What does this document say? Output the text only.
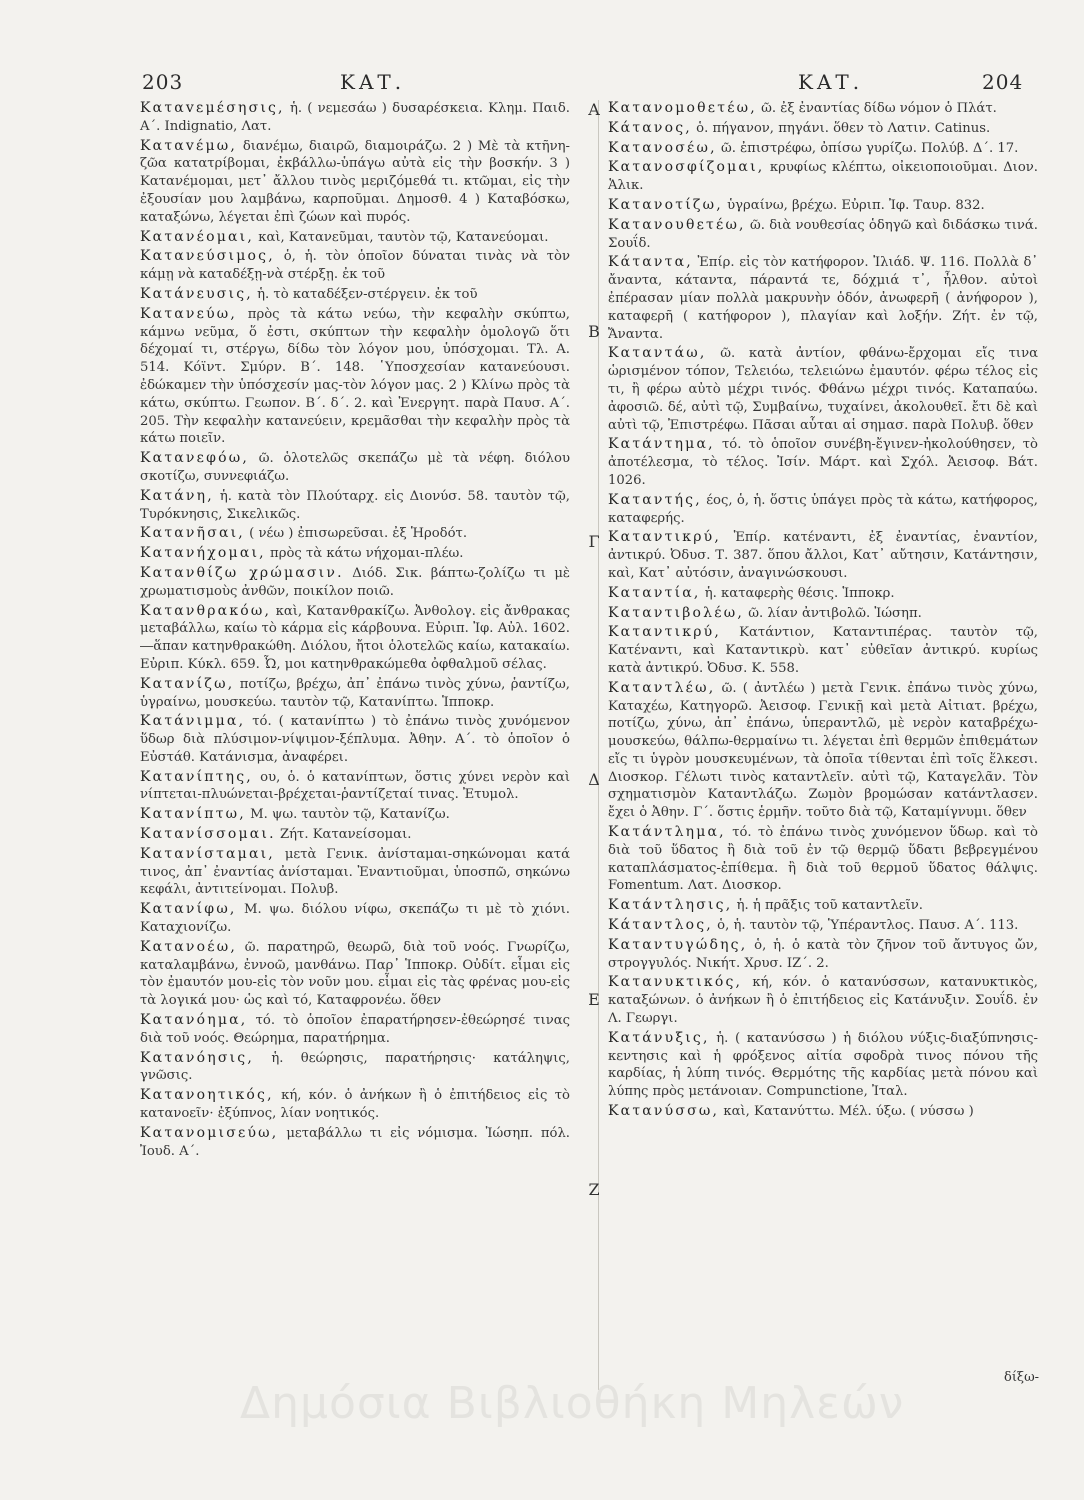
203	ΚΑΤ.	ΚΑΤ.	204

Καταvεμέσησις, ἡ. ( νεμεσάω ) δυσαρέσκεια. Κλημ. Παιδ. Α΄. Indignatio, Λατ.

Καταvέμω, διανέμω, διαιρῶ, διαμοιράζω. 2 ) Μὲ τὰ κτῆνη-ζῶα κατατρίβομαι, ἐκβάλλω-ὑπάγω αὐτὰ εἰς τὴν βοσκήν. 3 ) Κατανέμομαι, μετ᾽ ἄλλου τινὸς μεριζόμεθά τι. κτῶμαι, εἰς τὴν ἐξουσίαν μου λαμβάνω, καρποῦμαι. Δημοσθ. 4 ) Καταβόσκω, καταξώνω, λέγεται ἐπὶ ζώων καὶ πυρός.

Κατανέομαι, καὶ, Κατανεῦμαι, ταυτὸν τῷ, Κατανεύομαι.

Κατανεύσιμος, ὁ, ἡ. τὸν ὁποῖον δύναται τινὰς νὰ τὸν κάμῃ νὰ καταδέξῃ-νὰ στέρξῃ. ἐκ τοῦ

Κατάνευσις, ἡ. τὸ καταδέξεν-στέργειν. ἐκ τοῦ

Κατανεύω, πρὸς τὰ κάτω νεύω, τὴν κεφαλὴν σκύπτω, κάμνω νεῦμα, ὅ ἐστι, σκύπτων τὴν κεφαλὴν ὁμολογῶ ὅτι δέχομαί τι, στέργω, δίδω τὸν λόγον μου, ὑπόσχομαι. Τλ. Α. 514. Κόϊντ. Σμύρν. Β΄. 148. ῾Υποσχεσίαν κατανεύουσι. ἐδώκαμεν τὴν ὑπόσχεσίν μας-τὸν λόγον μας. 2 ) Κλίνω πρὸς τὰ κάτω, σκύπτω. Γεωπον. Β΄. δ΄. 2. καὶ Ἐνεργητ. παρὰ Παυσ. Α΄. 205. Τὴν κεφαλὴν κατανεύειν, κρεμᾶσθαι τὴν κεφαλὴν πρὸς τὰ κάτω ποιεῖν.

Κατανεφόω, ῶ. ὁλοτελῶς σκεπάζω μὲ τὰ νέφη. διόλου σκοτίζω, συννεφιάζω.

Κατάνη, ἡ. κατὰ τὸν Πλούταρχ. εἰς Διονύσ. 58. ταυτὸν τῷ, Τυρόκνησις, Σικελικῶς.

Κατανῆσαι, ( νέω ) ἐπισωρεῦσαι. ἐξ Ἡροδότ.

Κατανήχομαι, πρὸς τὰ κάτω νήχομαι-πλέω.

Κατανθίζω χρώμασιν. Διόδ. Σικ. βάπτω-ζολίζω τι μὲ χρωματισμοὺς ἀνθῶν, ποικίλον ποιῶ.

Κατανθρακόω, καὶ, Κατανθρακίζω. Ἀνθολογ. εἰς ἄνθρακας μεταβάλλω, καίω τὸ κάρμα εἰς κάρβουνα. Εὐριπ. Ἰφ. Αὐλ. 1602. ―ἅπαν κατηνθρακώθη. Διόλου, ἤτοι ὁλοτελῶς καίω, κατακαίω. Εὐριπ. Κύκλ. 659. Ὦ, μοι κατηνθρακώμεθα ὀφθαλμοῦ σέλας.

Κατανίζω, ποτίζω, βρέχω, ἀπ᾽ ἐπάνω τινὸς χύνω, ῥαντίζω, ὑγραίνω, μουσκεύω. ταυτὸν τῷ, Κατανίπτω. Ἱπποκρ.

Κατάνιμμα, τό. ( κατανίπτω ) τὸ ἐπάνω τινὸς χυνόμενον ὕδωρ διὰ πλύσιμον-νίψιμον-ξέπλυμα. Ἀθην. Α΄. τὸ ὁποῖον ὁ Εὐστάθ. Κατάνισμα, ἀναφέρει.

Κατανίπτης, ου, ὁ. ὁ κατανίπτων, ὅστις χύνει νερὸν καὶ νίπτεται-πλυώνεται-βρέχεται-ῥαντίζεταί τινας. Ἐτυμολ.

Κατανίπτω, Μ. ψω. ταυτὸν τῷ, Κατανίζω.

Κατανίσσομαι. Ζήτ. Κατανείσομαι.

Κατανίσταμαι, μετὰ Γενικ. ἀνίσταμαι-σηκώνομαι κατά τινος, ἀπ᾽ ἐναντίας ἀνίσταμαι. Ἐναντιοῦμαι, ὑποσπῶ, σηκώνω κεφάλι, ἀντιτείνομαι. Πολυβ.

Κατανίφω, Μ. ψω. διόλου νίφω, σκεπάζω τι μὲ τὸ χιόνι. Καταχιονίζω.

Κατανοέω, ῶ. παρατηρῶ, θεωρῶ, διὰ τοῦ νοός. Γνωρίζω, καταλαμβάνω, ἐννοῶ, μανθάνω. Παρ᾽ Ἱπποκρ. Οὐδίτ. εἶμαι εἰς τὸν ἐμαυτόν μου-εἰς τὸν νοῦν μου. εἶμαι εἰς τὰς φρένας μου-εἰς τὰ λογικά μου· ὡς καὶ τό, Καταφρονέω. ὅθεν

Κατανόημα, τό. τὸ ὁποῖον ἐπαρατήρησεν-ἐθεώρησέ τινας διὰ τοῦ νοός. Θεώρημα, παρατήρημα.

Κατανόησις, ἡ. θεώρησις, παρατήρησις· κατάληψις, γνῶσις.

Κατανοητικός, κή, κόν. ὁ ἀνήκων ἢ ὁ ἐπιτήδειος εἰς τὸ κατανοεῖν· ἐξύπνος, λίαν νοητικός.

Κατανομισεύω, μεταβάλλω τι εἰς νόμισμα. Ἰώσηπ. πόλ. Ἰουδ. Α΄.

Α
Β
Γ
Δ
Ε
Ζ

Κατανομοθετέω, ῶ. ἐξ ἐναντίας δίδω νόμον ὁ Πλάτ.

Κάτανος, ὁ. πήγανον, πηγάνι. ὅθεν τὸ Λατιν. Catinus.

Κατανοσέω, ῶ. ἐπιστρέφω, ὀπίσω γυρίζω. Πολύβ. Δ΄. 17.

Κατανοσφίζομαι, κρυφίως κλέπτω, οἰκειοποιοῦμαι. Διον. Ἁλικ.

Κατανοτίζω, ὑγραίνω, βρέχω. Εὐριπ. Ἰφ. Ταυρ. 832.

Κατανουθετέω, ῶ. διὰ νουθεσίας ὁδηγῶ καὶ διδάσκω τινά. Σουΐδ.

Κάταντα, Ἐπίρ. εἰς τὸν κατήφορον. Ἰλιάδ. Ψ. 116. Πολλὰ δ᾽ ἄναντα, κάταντα, πάραντά τε, δόχμιά τ᾽, ἦλθον. αὐτοὶ ἐπέρασαν μίαν πολλὰ μακρυνὴν ὁδόν, ἀνωφερῆ ( ἀνήφορον ), καταφερῆ ( κατήφορον ), πλαγίαν καὶ λοξήν. Ζήτ. ἐν τῷ, Ἄναντα.

Καταντάω, ῶ. κατὰ ἀντίον, φθάνω-ἔρχομαι εἴς τινα ὡρισμένον τόπον, Τελειόω, τελειώνω ἐμαυτόν. φέρω τέλος εἰς τι, ἢ φέρω αὐτὸ μέχρι τινός. Φθάνω μέχρι τινός. Καταπαύω. ἀφοσιῶ. δέ, αὐτὶ τῷ, Συμβαίνω, τυχαίνει, ἀκολουθεῖ. ἔτι δὲ καὶ αὐτὶ τῷ, Ἐπιστρέφω. Πᾶσαι αὗται αἱ σημασ. παρὰ Πολυβ. ὅθεν

Κατάντημα, τό. τὸ ὁποῖον συνέβη-ἔγινεν-ἠκολούθησεν, τὸ ἀποτέλεσμα, τὸ τέλος. Ἰσίν. Μάρτ. καὶ Σχόλ. Ἀεισοφ. Βάτ. 1026.

Καταντής, έος, ὁ, ἡ. ὅστις ὑπάγει πρὸς τὰ κάτω, κατήφορος, καταφερής.

Καταντικρύ, Ἐπίρ. κατέναντι, ἐξ ἐναντίας, ἐναντίον, ἀντικρύ. Ὀδυσ. Τ. 387. ὅπου ἄλλοι, Κατ᾽ αὔτησιν, Κατάντησιν, καὶ, Κατ᾽ αὐτόσιν, ἀναγινώσκουσι.

Καταντία, ἡ. καταφερὴς θέσις. Ἱπποκρ.

Καταντιβολέω, ῶ. λίαν ἀντιβολῶ. Ἰώσηπ.

Καταντικρύ, Κατάντιον, Καταντιπέρας. ταυτὸν τῷ, Κατέναντι, καὶ Καταντικρὺ. κατ᾽ εὐθεῖαν ἀντικρύ. κυρίως κατὰ ἀντικρύ. Ὀδυσ. Κ. 558.

Καταντλέω, ῶ. ( ἀντλέω ) μετὰ Γενικ. ἐπάνω τινὸς χύνω, Καταχέω, Κατηγορῶ. Ἀεισοφ. Γενικῇ καὶ μετὰ Αἰτιατ. βρέχω, ποτίζω, χύνω, ἀπ᾽ ἐπάνω, ὑπεραντλῶ, μὲ νερὸν καταβρέχω-μουσκεύω, θάλπω-θερμαίνω τι. λέγεται ἐπὶ θερμῶν ἐπιθεμάτων εἴς τι ὑγρὸν μουσκευμένων, τὰ ὁποῖα τίθενται ἐπὶ τοῖς ἕλκεσι. Διοσκορ. Γέλωτι τινὸς καταντλεῖν. αὐτὶ τῷ, Καταγελᾶν. Τὸν σχηματισμὸν Καταντλάζω. Ζωμὸν βρομώσαν κατάντλασεν. ἔχει ὁ Ἀθην. Γ΄. ὅστις ἑρμῆν. τοῦτο διὰ τῷ, Καταμίγνυμι. ὅθεν

Κατάντλημα, τό. τὸ ἐπάνω τινὸς χυνόμενον ὕδωρ. καὶ τὸ διὰ τοῦ ὕδατος ἢ διὰ τοῦ ἐν τῷ θερμῷ ὕδατι βεβρεγμένου καταπλάσματος-ἐπίθεμα. ἢ διὰ τοῦ θερμοῦ ὕδατος θάλψις. Fomentum. Λατ. Διοσκορ.

Κατάντλησις, ἡ. ἡ πρᾶξις τοῦ καταντλεῖν.

Κάταντλος, ὁ, ἡ. ταυτὸν τῷ, Ὑπέραντλος. Παυσ. Α΄. 113.

Καταντυγώδης, ὁ, ἡ. ὁ κατὰ τὸν ζῆνον τοῦ ἄντυγος ὤν, στρογγυλός. Νικήτ. Χρυσ. ΙΖ΄. 2.

Κατανυκτικός, κή, κόν. ὁ κατανύσσων, κατανυκτικὸς, καταξώνων. ὁ ἀνήκων ἢ ὁ ἐπιτήδειος εἰς Κατάνυξιν. Σουΐδ. ἐν Λ. Γεωργι.

Κατάνυξις, ἡ. ( κατανύσσω ) ἡ διόλου νύξις-διαξύπνησις-κεντησις καὶ ἡ φρόξενος αἰτία σφοδρὰ τινος πόνου τῆς καρδίας, ἡ λύπη τινός. Θερμότης τῆς καρδίας μετὰ πόνου καὶ λύπης πρὸς μετάνοιαν. Compunctione, Ἰταλ.

Κατανύσσω, καὶ, Κατανύττω. Μέλ. ύξω. ( νύσσω )

δίξω-
Δημόσια Βιβλιοθήκη Μηλεών
